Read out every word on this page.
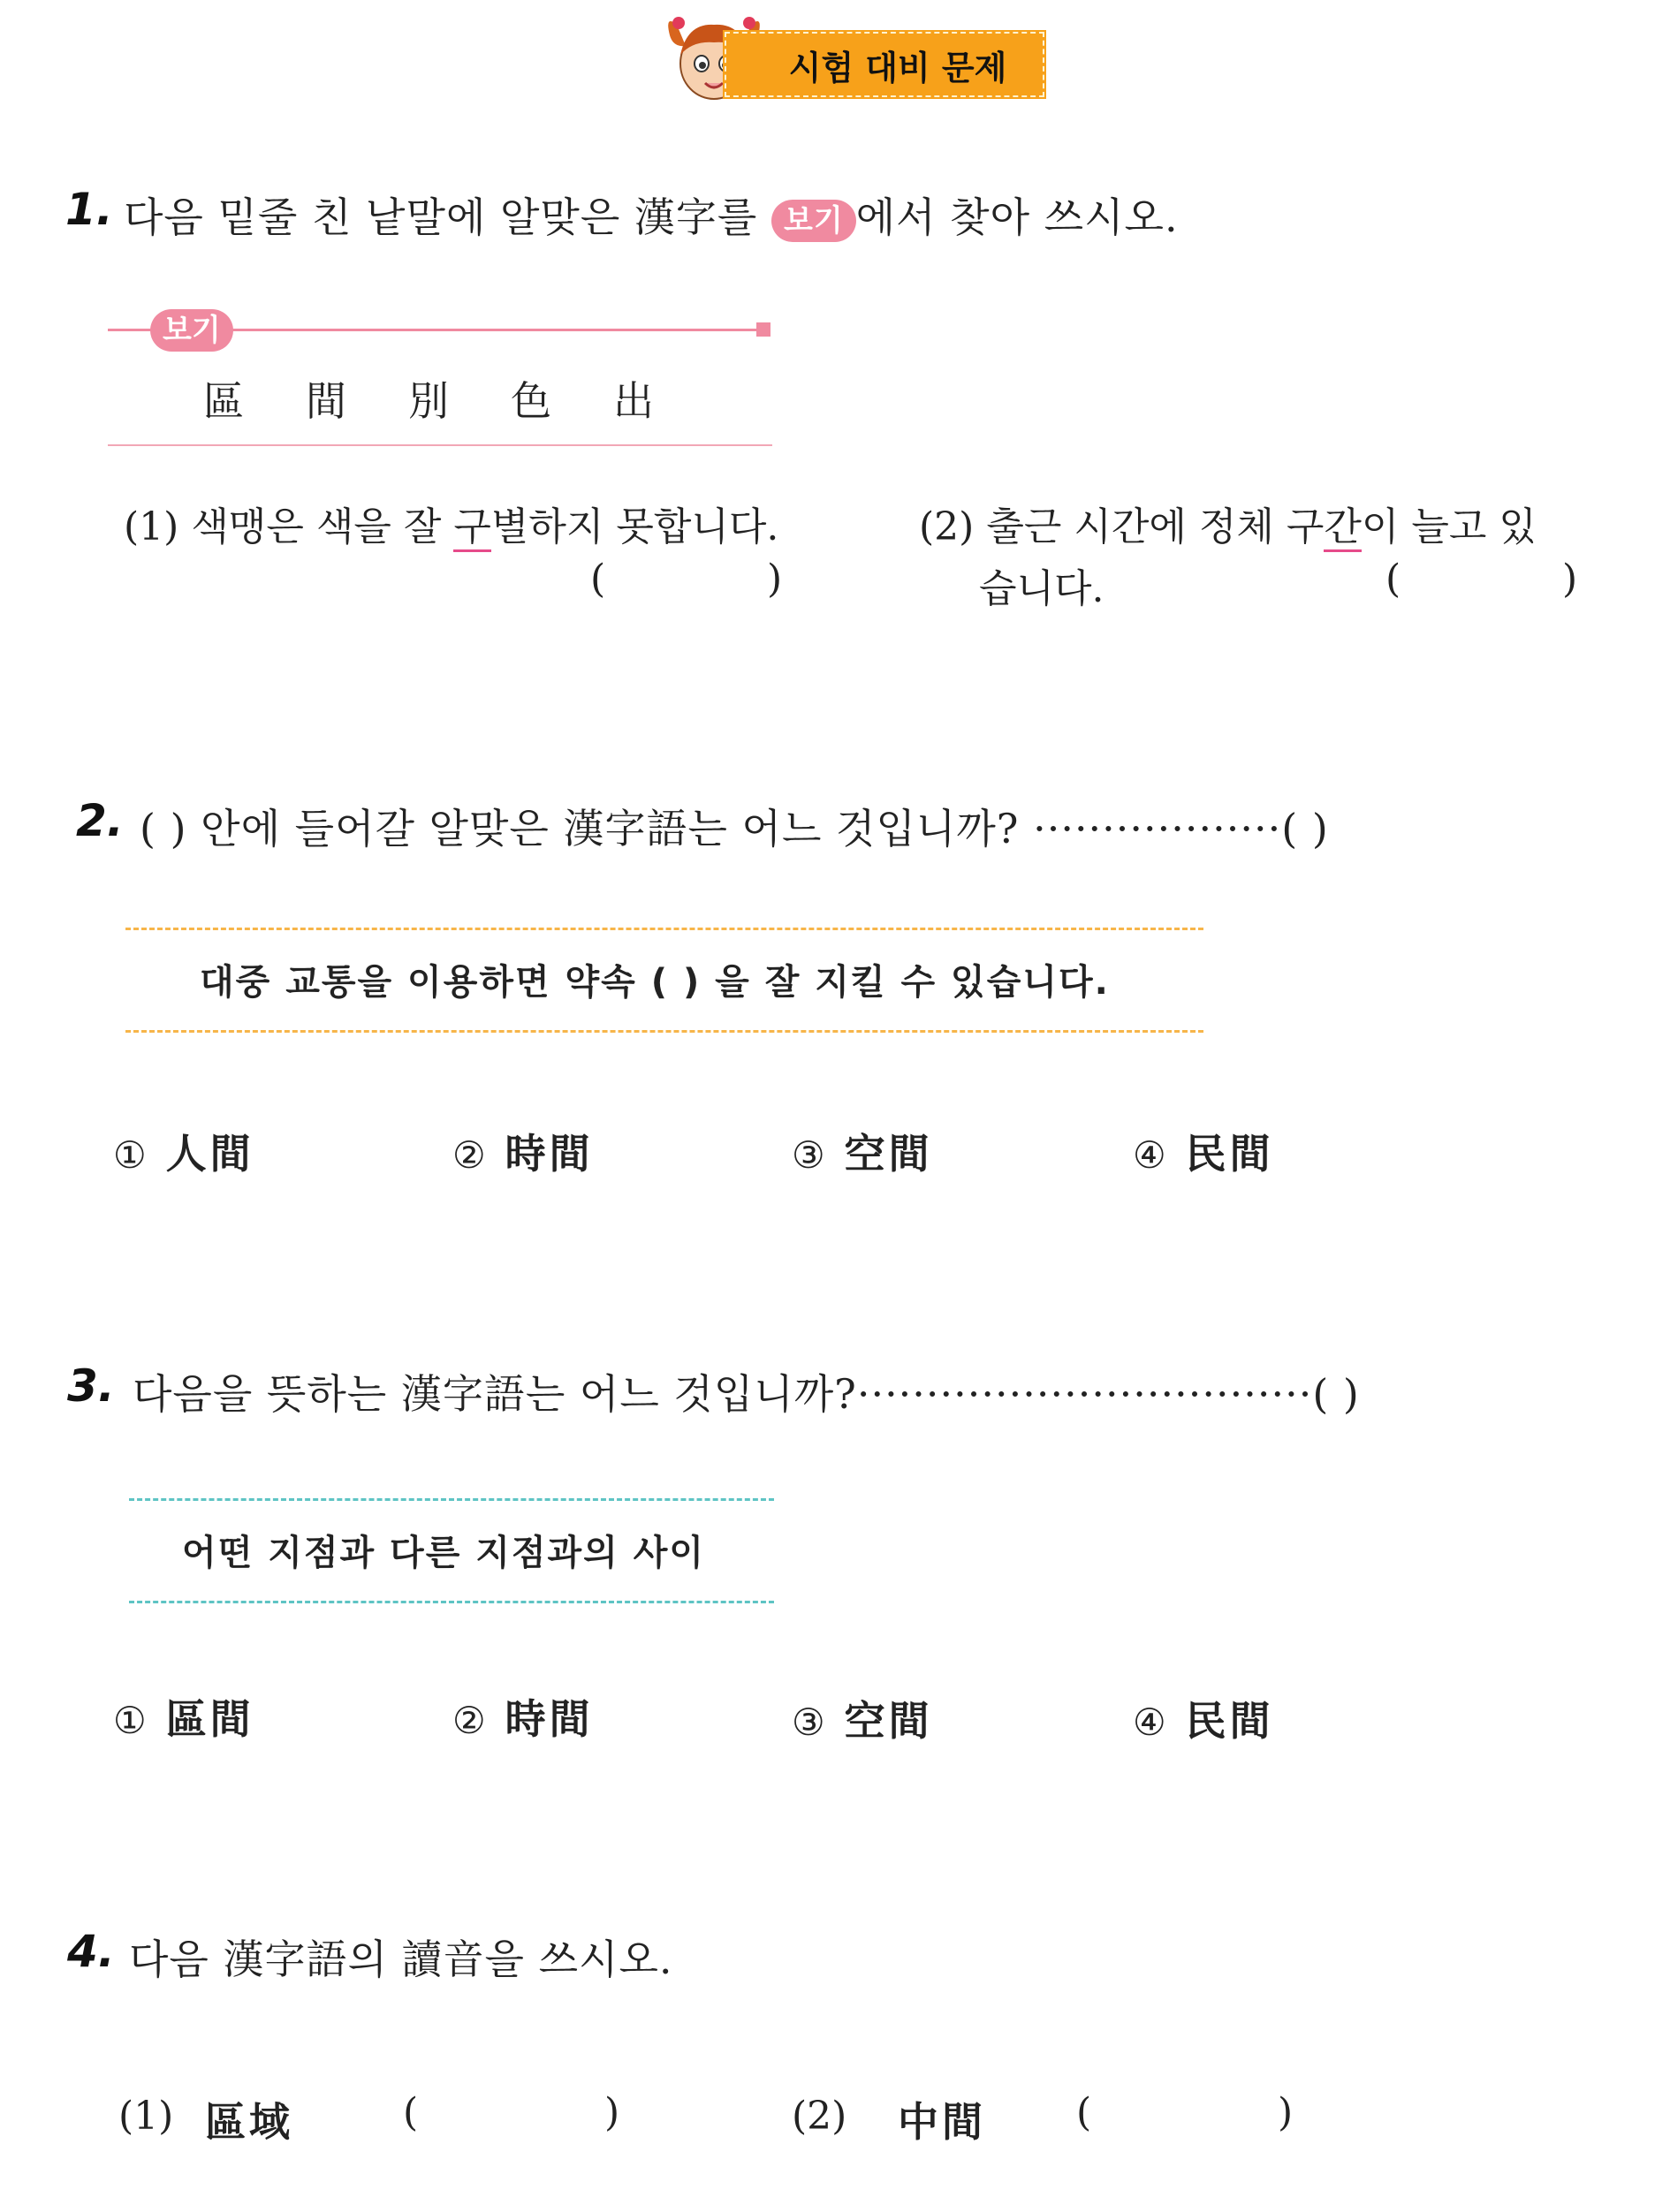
시험 대비 문제
1. 다음 밑줄 친 낱말에 알맞은 漢字를 보기 에서 찾아 쓰시오.
보기
區 間 別 色 出
(1) 색맹은 색을 잘 구별하지 못합니다.
(	)
(2) 출근 시간에 정체 구간이 늘고 있
습니다.	(	)
2. ( ) 안에 들어갈 알맞은 漢字語는 어느 것입니까? ··················( )
대중 교통을 이용하면 약속 ( ) 을 잘 지킬 수 있습니다.
① 人間	② 時間	③ 空間	④ 民間
3. 다음을 뜻하는 漢字語는 어느 것입니까?·································( )
어떤 지점과 다른 지점과의 사이
① 區間	② 時間	③ 空間	④ 民間
4. 다음 漢字語의 讀音을 쓰시오.
(1) 區域	(	)	(2) 中間 (	)
